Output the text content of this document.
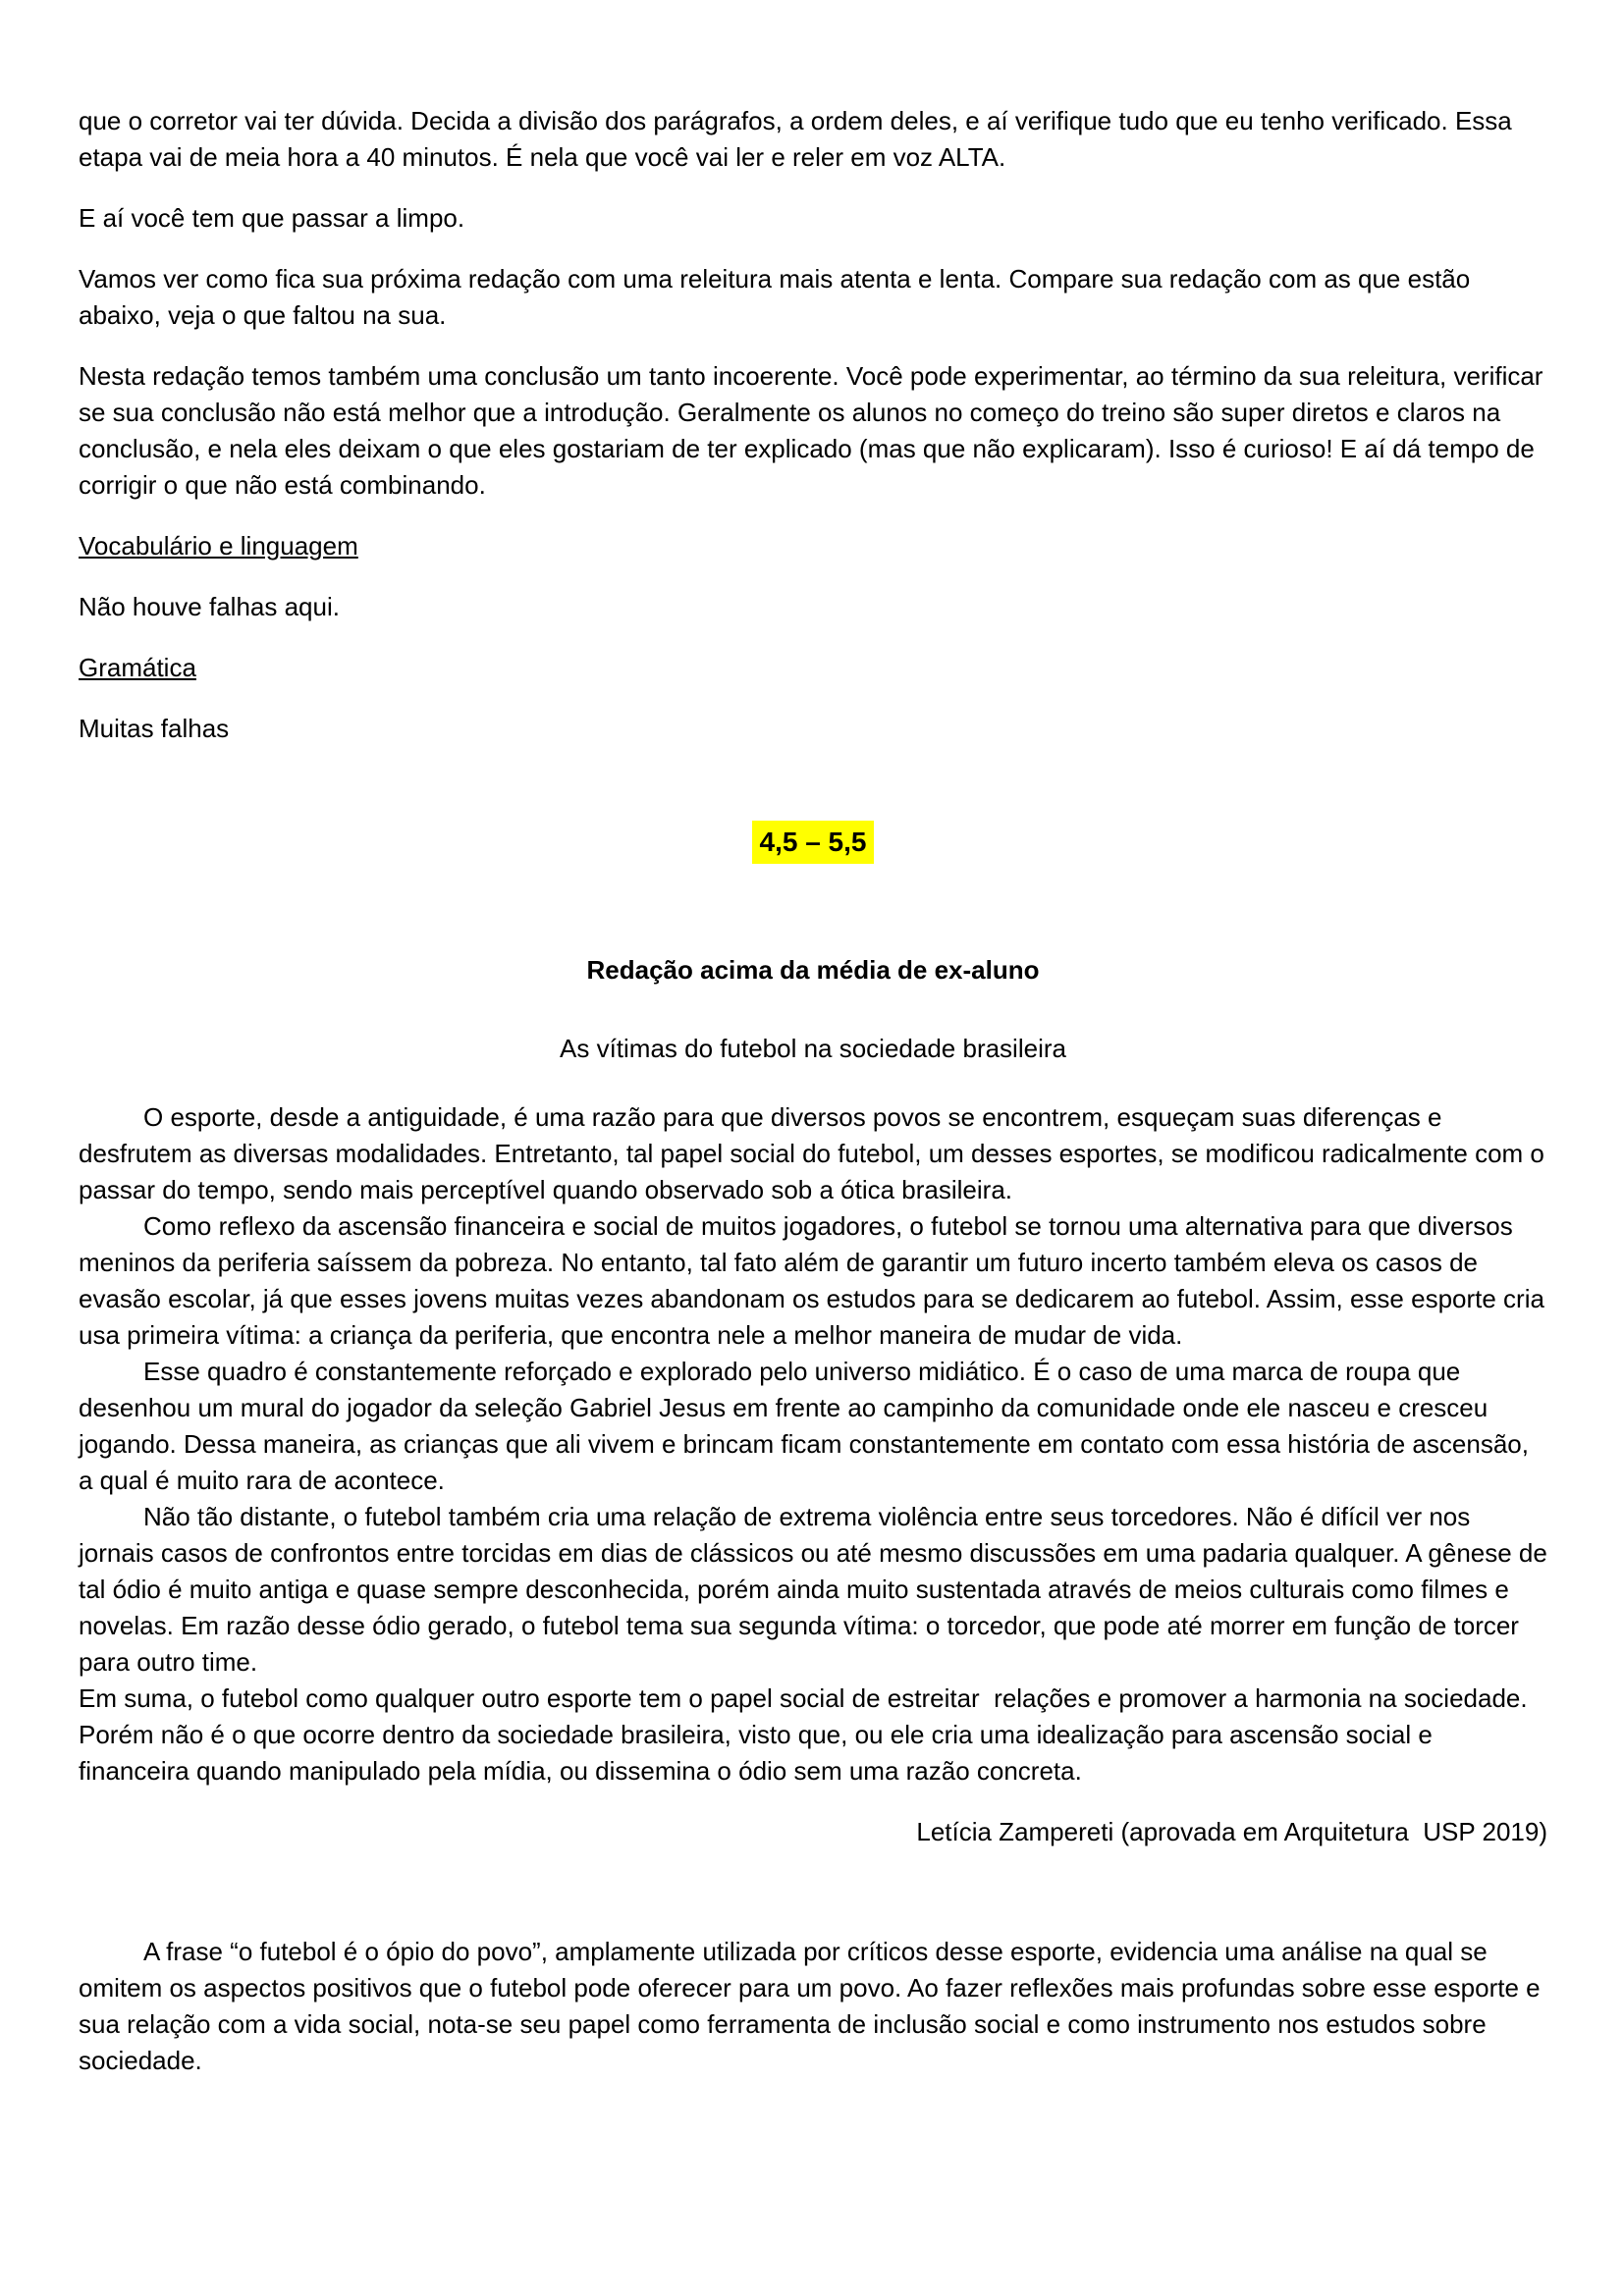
que o corretor vai ter dúvida. Decida a divisão dos parágrafos, a ordem deles, e aí verifique tudo que eu tenho verificado. Essa etapa vai de meia hora a 40 minutos. É nela que você vai ler e reler em voz ALTA.

E aí você tem que passar a limpo.

Vamos ver como fica sua próxima redação com uma releitura mais atenta e lenta. Compare sua redação com as que estão abaixo, veja o que faltou na sua.

Nesta redação temos também uma conclusão um tanto incoerente. Você pode experimentar, ao término da sua releitura, verificar se sua conclusão não está melhor que a introdução. Geralmente os alunos no começo do treino são super diretos e claros na conclusão, e nela eles deixam o que eles gostariam de ter explicado (mas que não explicaram). Isso é curioso! E aí dá tempo de corrigir o que não está combinando.

Vocabulário e linguagem

Não houve falhas aqui.

Gramática

Muitas falhas

4,5 – 5,5

Redação acima da média de ex-aluno

As vítimas do futebol na sociedade brasileira

O esporte, desde a antiguidade, é uma razão para que diversos povos se encontrem, esqueçam suas diferenças e desfrutem as diversas modalidades. Entretanto, tal papel social do futebol, um desses esportes, se modificou radicalmente com o passar do tempo, sendo mais perceptível quando observado sob a ótica brasileira.

Como reflexo da ascensão financeira e social de muitos jogadores, o futebol se tornou uma alternativa para que diversos meninos da periferia saíssem da pobreza. No entanto, tal fato além de garantir um futuro incerto também eleva os casos de evasão escolar, já que esses jovens muitas vezes abandonam os estudos para se dedicarem ao futebol. Assim, esse esporte cria usa primeira vítima: a criança da periferia, que encontra nele a melhor maneira de mudar de vida.

Esse quadro é constantemente reforçado e explorado pelo universo midiático. É o caso de uma marca de roupa que desenhou um mural do jogador da seleção Gabriel Jesus em frente ao campinho da comunidade onde ele nasceu e cresceu jogando. Dessa maneira, as crianças que ali vivem e brincam ficam constantemente em contato com essa história de ascensão, a qual é muito rara de acontece.

Não tão distante, o futebol também cria uma relação de extrema violência entre seus torcedores. Não é difícil ver nos jornais casos de confrontos entre torcidas em dias de clássicos ou até mesmo discussões em uma padaria qualquer. A gênese de tal ódio é muito antiga e quase sempre desconhecida, porém ainda muito sustentada através de meios culturais como filmes e novelas. Em razão desse ódio gerado, o futebol tema sua segunda vítima: o torcedor, que pode até morrer em função de torcer para outro time.

Em suma, o futebol como qualquer outro esporte tem o papel social de estreitar  relações e promover a harmonia na sociedade. Porém não é o que ocorre dentro da sociedade brasileira, visto que, ou ele cria uma idealização para ascensão social e financeira quando manipulado pela mídia, ou dissemina o ódio sem uma razão concreta.

Letícia Zampereti (aprovada em Arquitetura  USP 2019)

A frase “o futebol é o ópio do povo”, amplamente utilizada por críticos desse esporte, evidencia uma análise na qual se omitem os aspectos positivos que o futebol pode oferecer para um povo. Ao fazer reflexões mais profundas sobre esse esporte e sua relação com a vida social, nota-se seu papel como ferramenta de inclusão social e como instrumento nos estudos sobre sociedade.
